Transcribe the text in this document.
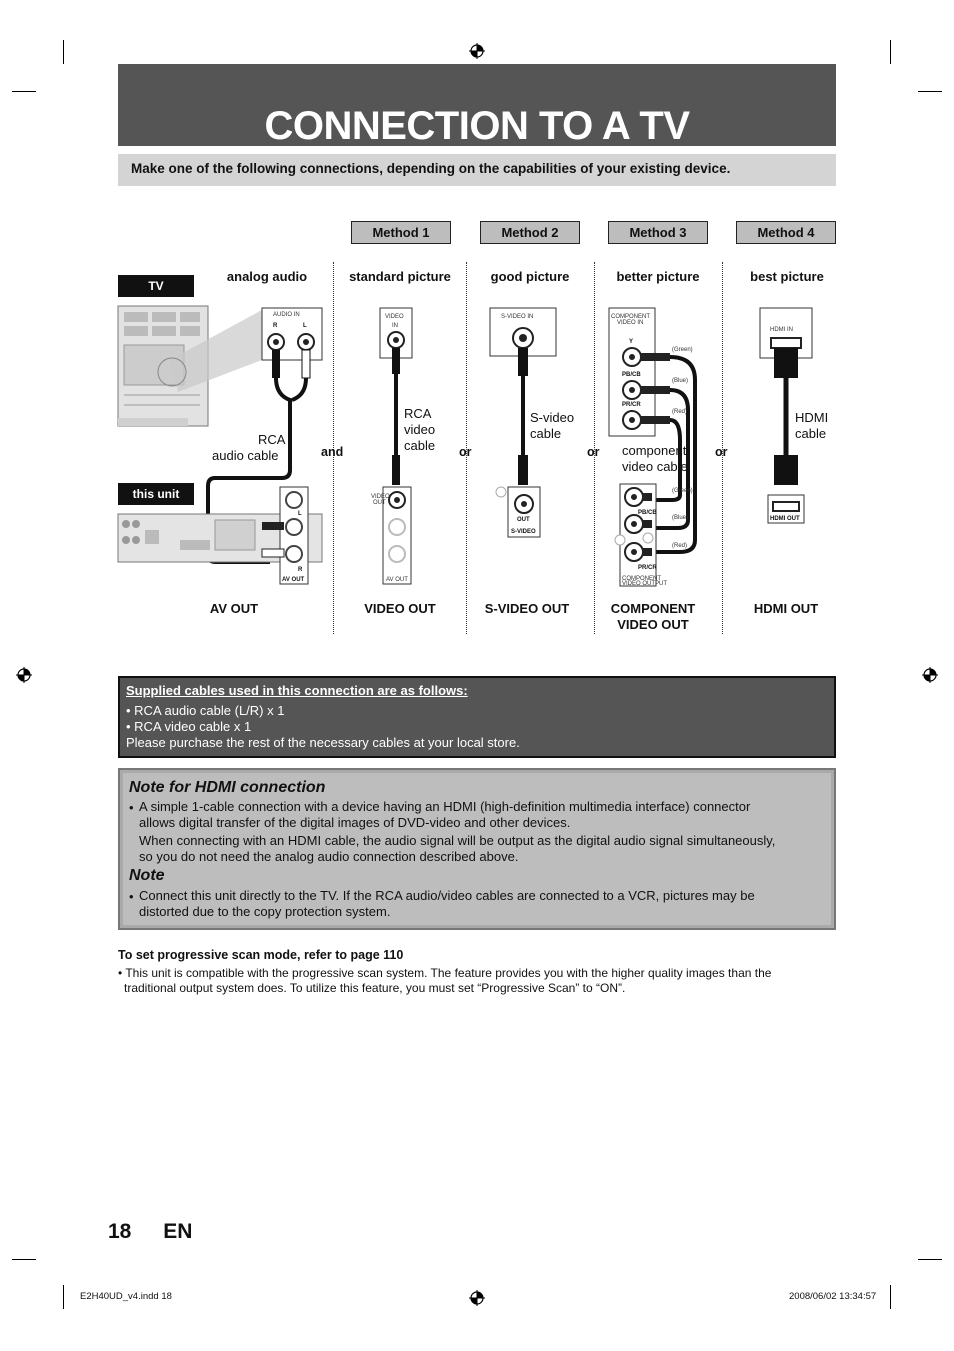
CONNECTION TO A TV
Make one of the following connections, depending on the capabilities of your existing device.
Method 1	Method 2	Method 3	Method 4
analog audio	standard picture	good picture	better picture	best picture
TV
this unit
AUDIO IN
R	L
VIDEO
IN
S-VIDEO IN	COMPONENT
VIDEO IN
Y
PB/CB
PR/CR
(Green)
(Blue)
(Red)
HDMI IN
HDMI OUT
L
R
AV OUT
VIDEO
OUT
AV OUT
OUT
S-VIDEO
(Green)
(Blue)
(Red)
PB/CB
PR/CR
COMPONENT
VIDEO OUTPUT
RCA
audio cable
RCA
video
cable
S-video
cable
component
video cable
HDMI
cable
and	or	or	or
AV OUT	VIDEO OUT	S-VIDEO OUT	COMPONENT
VIDEO OUT
HDMI OUT
Supplied cables used in this connection are as follows:
• RCA audio cable (L/R) x 1
• RCA video cable x 1
Please purchase the rest of the necessary cables at your local store.
Note for HDMI connection
• A simple 1-cable connection with a device having an HDMI (high-definition multimedia interface) connector
allows digital transfer of the digital images of DVD-video and other devices.
When connecting with an HDMI cable, the audio signal will be output as the digital audio signal simultaneously,
so you do not need the analog audio connection described above.
Note
• Connect this unit directly to the TV. If the RCA audio/video cables are connected to a VCR, pictures may be
distorted due to the copy protection system.
To set progressive scan mode, refer to page 110
• This unit is compatible with the progressive scan system. The feature provides you with the higher quality images than the
traditional output system does. To utilize this feature, you must set “Progressive Scan” to “ON”.
18 EN
E2H40UD_v4.indd 18	2008/06/02 13:34:57
